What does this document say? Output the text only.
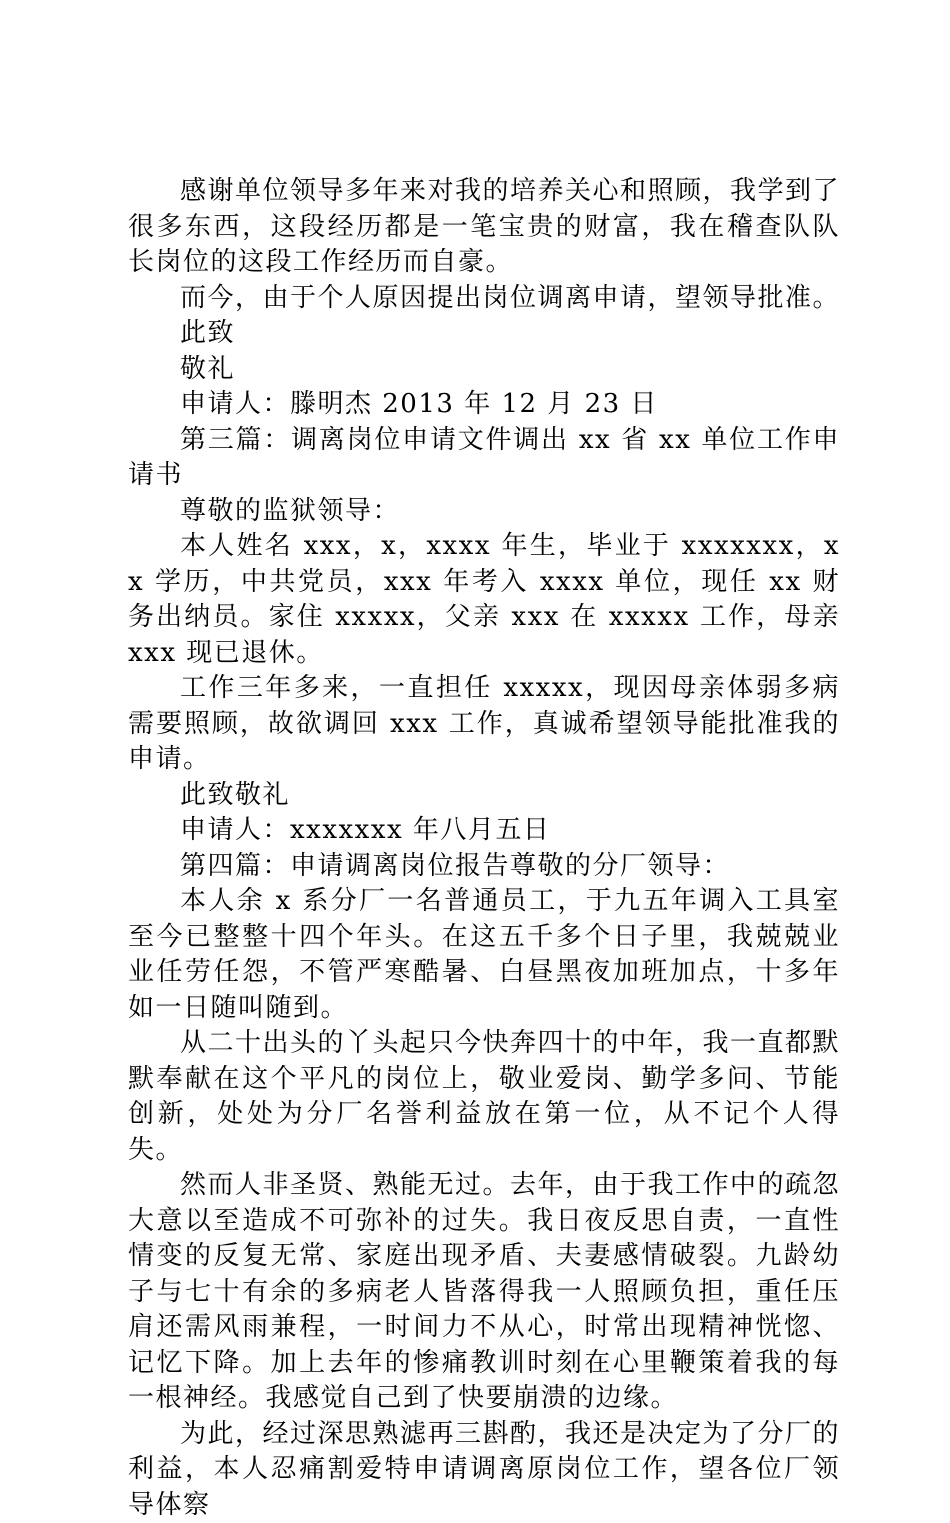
感谢单位领导多年来对我的培养关心和照顾，我学到了很多东西，这段经历都是一笔宝贵的财富，我在稽查队队长岗位的这段工作经历而自豪。

而今，由于个人原因提出岗位调离申请，望领导批准。

此致

敬礼

申请人：滕明杰 2013 年 12 月 23 日

第三篇：调离岗位申请文件调出 xx 省 xx 单位工作申请书

尊敬的监狱领导：

本人姓名 xxx，x，xxxx 年生，毕业于 xxxxxxx，xx 学历，中共党员，xxx 年考入 xxxx 单位，现任 xx 财务出纳员。家住 xxxxx，父亲 xxx 在 xxxxx 工作，母亲 xxx 现已退休。

工作三年多来，一直担任 xxxxx，现因母亲体弱多病需要照顾，故欲调回 xxx 工作，真诚希望领导能批准我的申请。

此致敬礼

申请人：xxxxxxx 年八月五日

第四篇：申请调离岗位报告尊敬的分厂领导：

本人余 x 系分厂一名普通员工，于九五年调入工具室至今已整整十四个年头。在这五千多个日子里，我兢兢业业任劳任怨，不管严寒酷暑、白昼黑夜加班加点，十多年如一日随叫随到。

从二十出头的丫头起只今快奔四十的中年，我一直都默默奉献在这个平凡的岗位上，敬业爱岗、勤学多问、节能创新，处处为分厂名誉利益放在第一位，从不记个人得失。

然而人非圣贤、熟能无过。去年，由于我工作中的疏忽大意以至造成不可弥补的过失。我日夜反思自责，一直性情变的反复无常、家庭出现矛盾、夫妻感情破裂。九龄幼子与七十有余的多病老人皆落得我一人照顾负担，重任压肩还需风雨兼程，一时间力不从心，时常出现精神恍惚、记忆下降。加上去年的惨痛教训时刻在心里鞭策着我的每一根神经。我感觉自己到了快要崩溃的边缘。

为此，经过深思熟滤再三斟酌，我还是决定为了分厂的利益，本人忍痛割爱特申请调离原岗位工作，望各位厂领导体察
